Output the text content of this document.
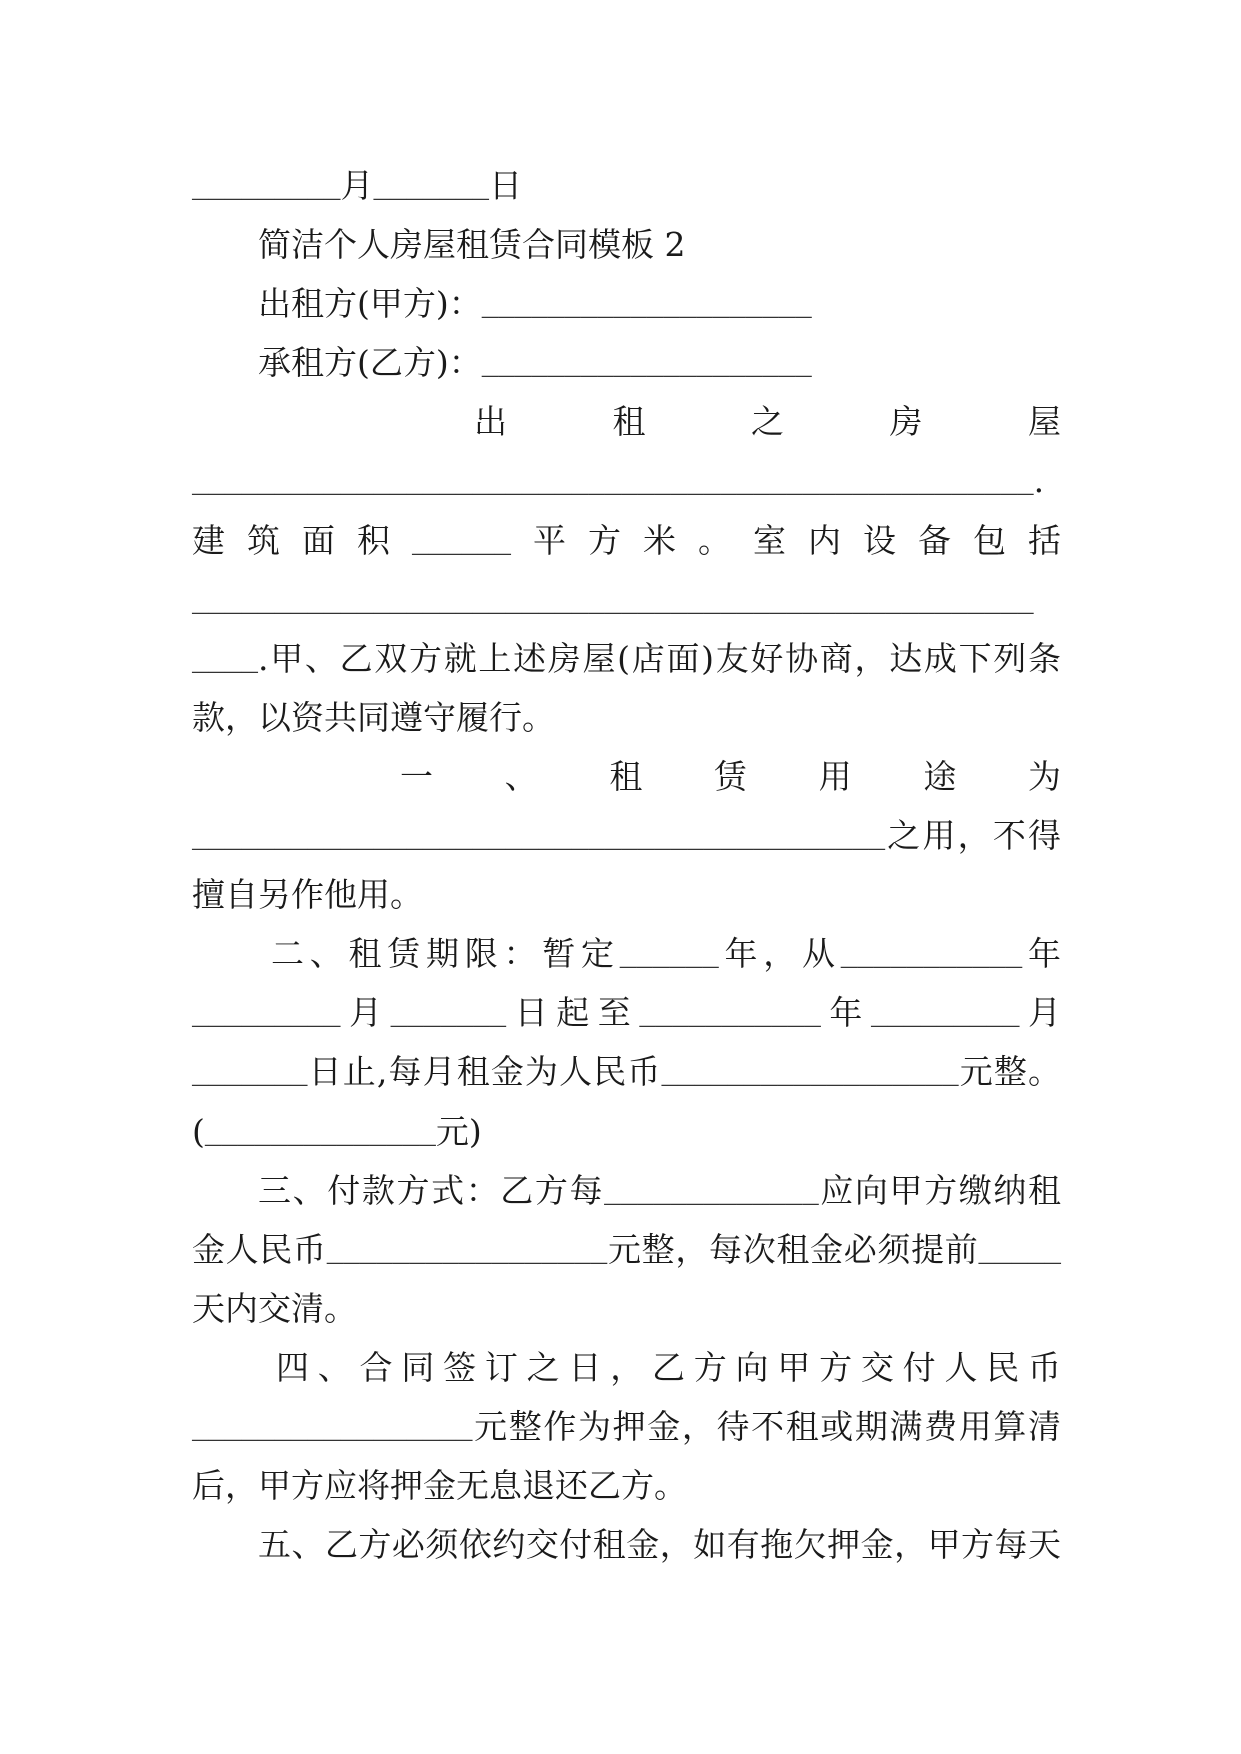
_________月_______日
简洁个人房屋租赁合同模板 2
出租方(甲方)：____________________
承租方(乙方)：____________________
出租之房屋
___________________________________________________.
建筑面积______平方米。室内设备包括
___________________________________________________
____.甲、乙双方就上述房屋(店面)友好协商，达成下列条
款，以资共同遵守履行。
一、租赁用途为
__________________________________________之用，不得
擅自另作他用。
二、租赁期限：暂定______年，从___________年
_________月_______日起至___________年_________月
_______日止,每月租金为人民币__________________元整。
(______________元)
三、付款方式：乙方每_____________应向甲方缴纳租
金人民币_________________元整，每次租金必须提前_____
天内交清。
四、合同签订之日，乙方向甲方交付人民币
_________________元整作为押金，待不租或期满费用算清
后，甲方应将押金无息退还乙方。
五、乙方必须依约交付租金，如有拖欠押金，甲方每天
